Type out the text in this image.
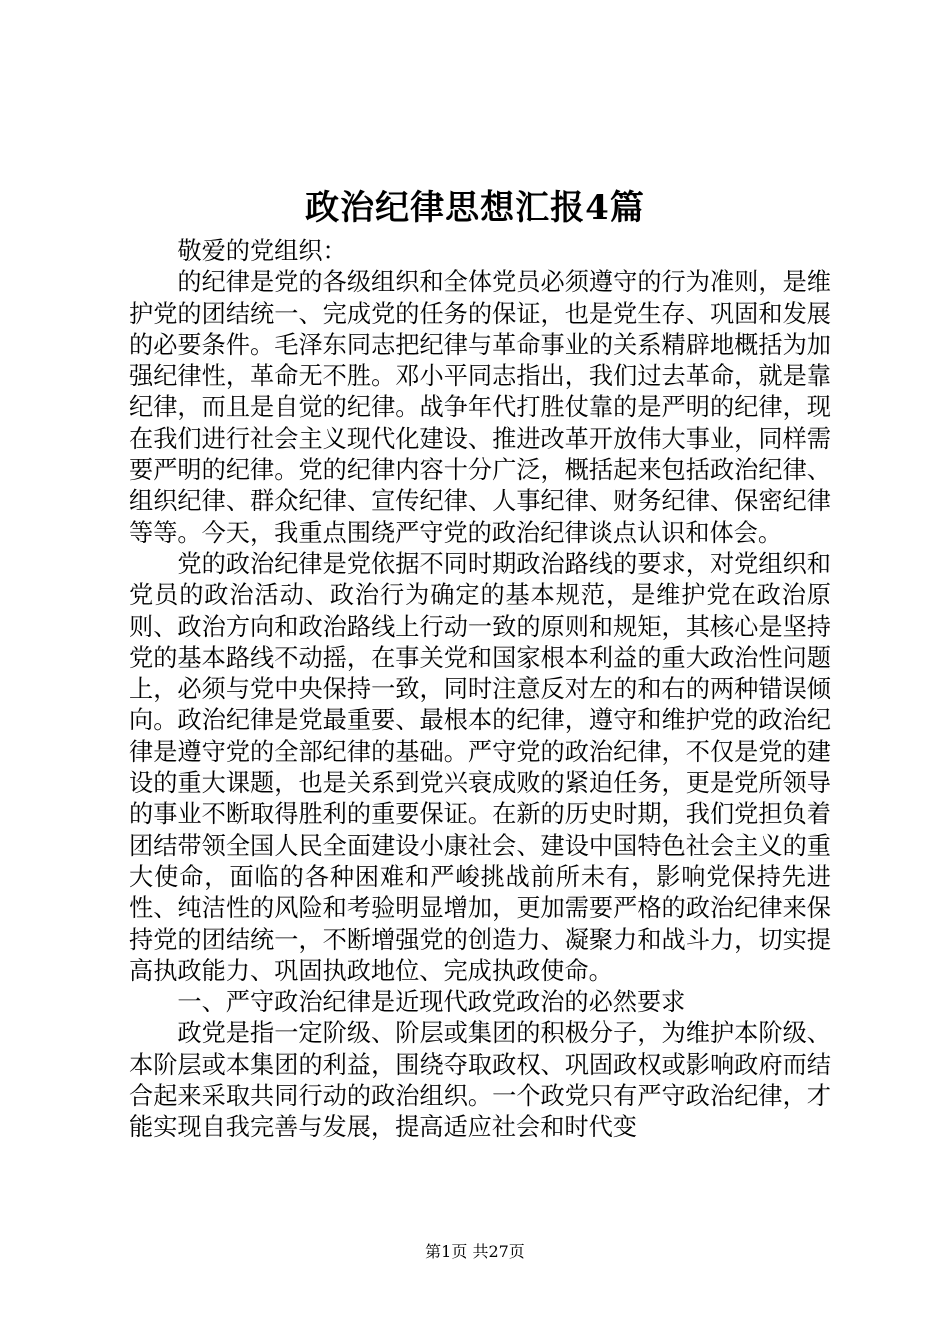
政治纪律思想汇报4篇

敬爱的党组织：

的纪律是党的各级组织和全体党员必须遵守的行为准则，是维护党的团结统一、完成党的任务的保证，也是党生存、巩固和发展的必要条件。毛泽东同志把纪律与革命事业的关系精辟地概括为加强纪律性，革命无不胜。邓小平同志指出，我们过去革命，就是靠纪律，而且是自觉的纪律。战争年代打胜仗靠的是严明的纪律，现在我们进行社会主义现代化建设、推进改革开放伟大事业，同样需要严明的纪律。党的纪律内容十分广泛，概括起来包括政治纪律、组织纪律、群众纪律、宣传纪律、人事纪律、财务纪律、保密纪律等等。今天，我重点围绕严守党的政治纪律谈点认识和体会。

党的政治纪律是党依据不同时期政治路线的要求，对党组织和党员的政治活动、政治行为确定的基本规范，是维护党在政治原则、政治方向和政治路线上行动一致的原则和规矩，其核心是坚持党的基本路线不动摇，在事关党和国家根本利益的重大政治性问题上，必须与党中央保持一致，同时注意反对左的和右的两种错误倾向。政治纪律是党最重要、最根本的纪律，遵守和维护党的政治纪律是遵守党的全部纪律的基础。严守党的政治纪律，不仅是党的建设的重大课题，也是关系到党兴衰成败的紧迫任务，更是党所领导的事业不断取得胜利的重要保证。在新的历史时期，我们党担负着团结带领全国人民全面建设小康社会、建设中国特色社会主义的重大使命，面临的各种困难和严峻挑战前所未有，影响党保持先进性、纯洁性的风险和考验明显增加，更加需要严格的政治纪律来保持党的团结统一，不断增强党的创造力、凝聚力和战斗力，切实提高执政能力、巩固执政地位、完成执政使命。

一、严守政治纪律是近现代政党政治的必然要求

政党是指一定阶级、阶层或集团的积极分子，为维护本阶级、本阶层或本集团的利益，围绕夺取政权、巩固政权或影响政府而结合起来采取共同行动的政治组织。一个政党只有严守政治纪律，才能实现自我完善与发展，提高适应社会和时代变

第1页 共27页
